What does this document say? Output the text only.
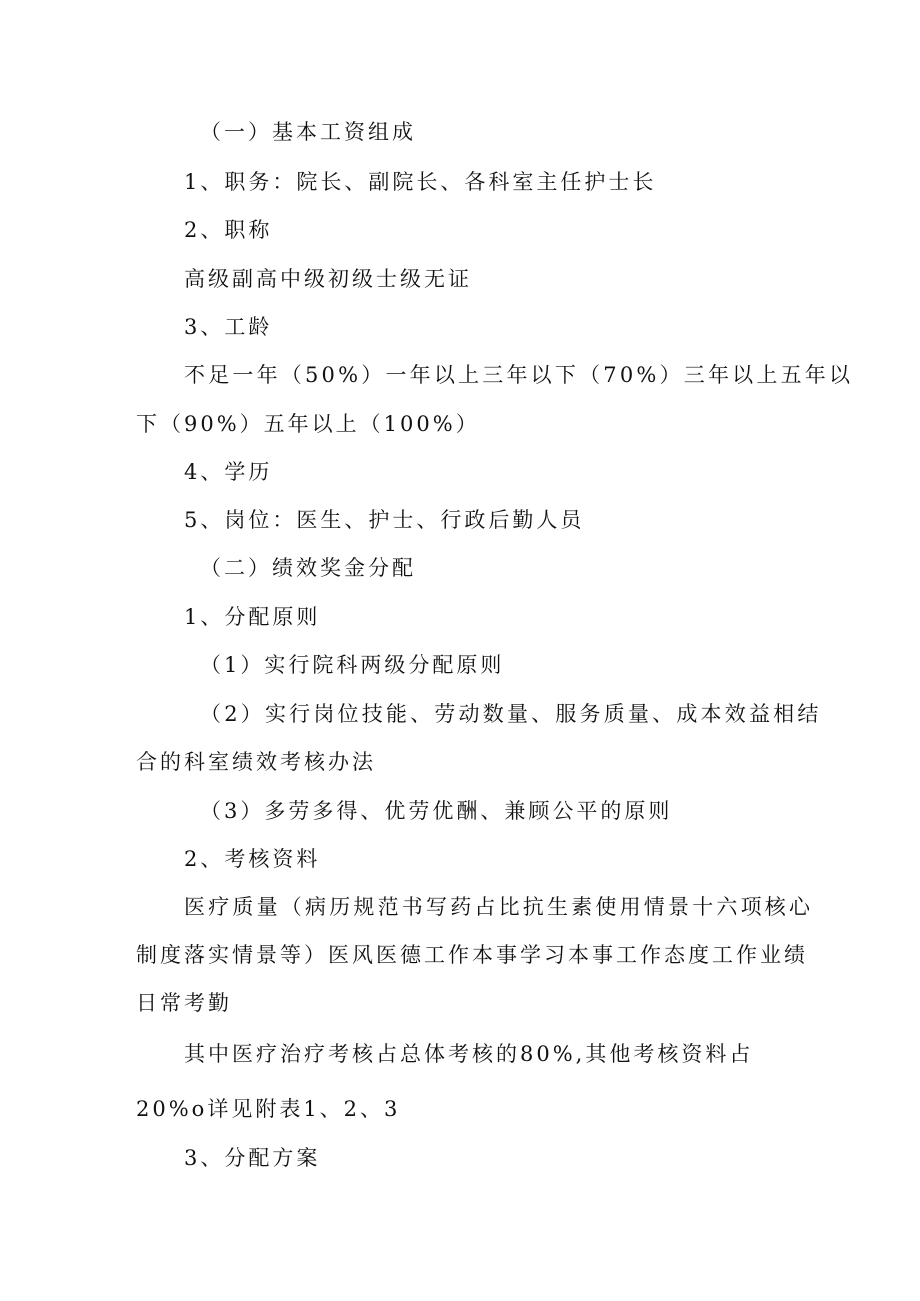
（一）基本工资组成
1、职务：院长、副院长、各科室主任护士长
2、职称
高级副高中级初级士级无证
3、工龄
不足一年（50%）一年以上三年以下（70%）三年以上五年以
下（90%）五年以上（100%）
4、学历
5、岗位：医生、护士、行政后勤人员
（二）绩效奖金分配
1、分配原则
（1）实行院科两级分配原则
（2）实行岗位技能、劳动数量、服务质量、成本效益相结
合的科室绩效考核办法
（3）多劳多得、优劳优酬、兼顾公平的原则
2、考核资料
医疗质量（病历规范书写药占比抗生素使用情景十六项核心
制度落实情景等）医风医德工作本事学习本事工作态度工作业绩
日常考勤
其中医疗治疗考核占总体考核的80%,其他考核资料占
20%o详见附表1、2、3
3、分配方案
